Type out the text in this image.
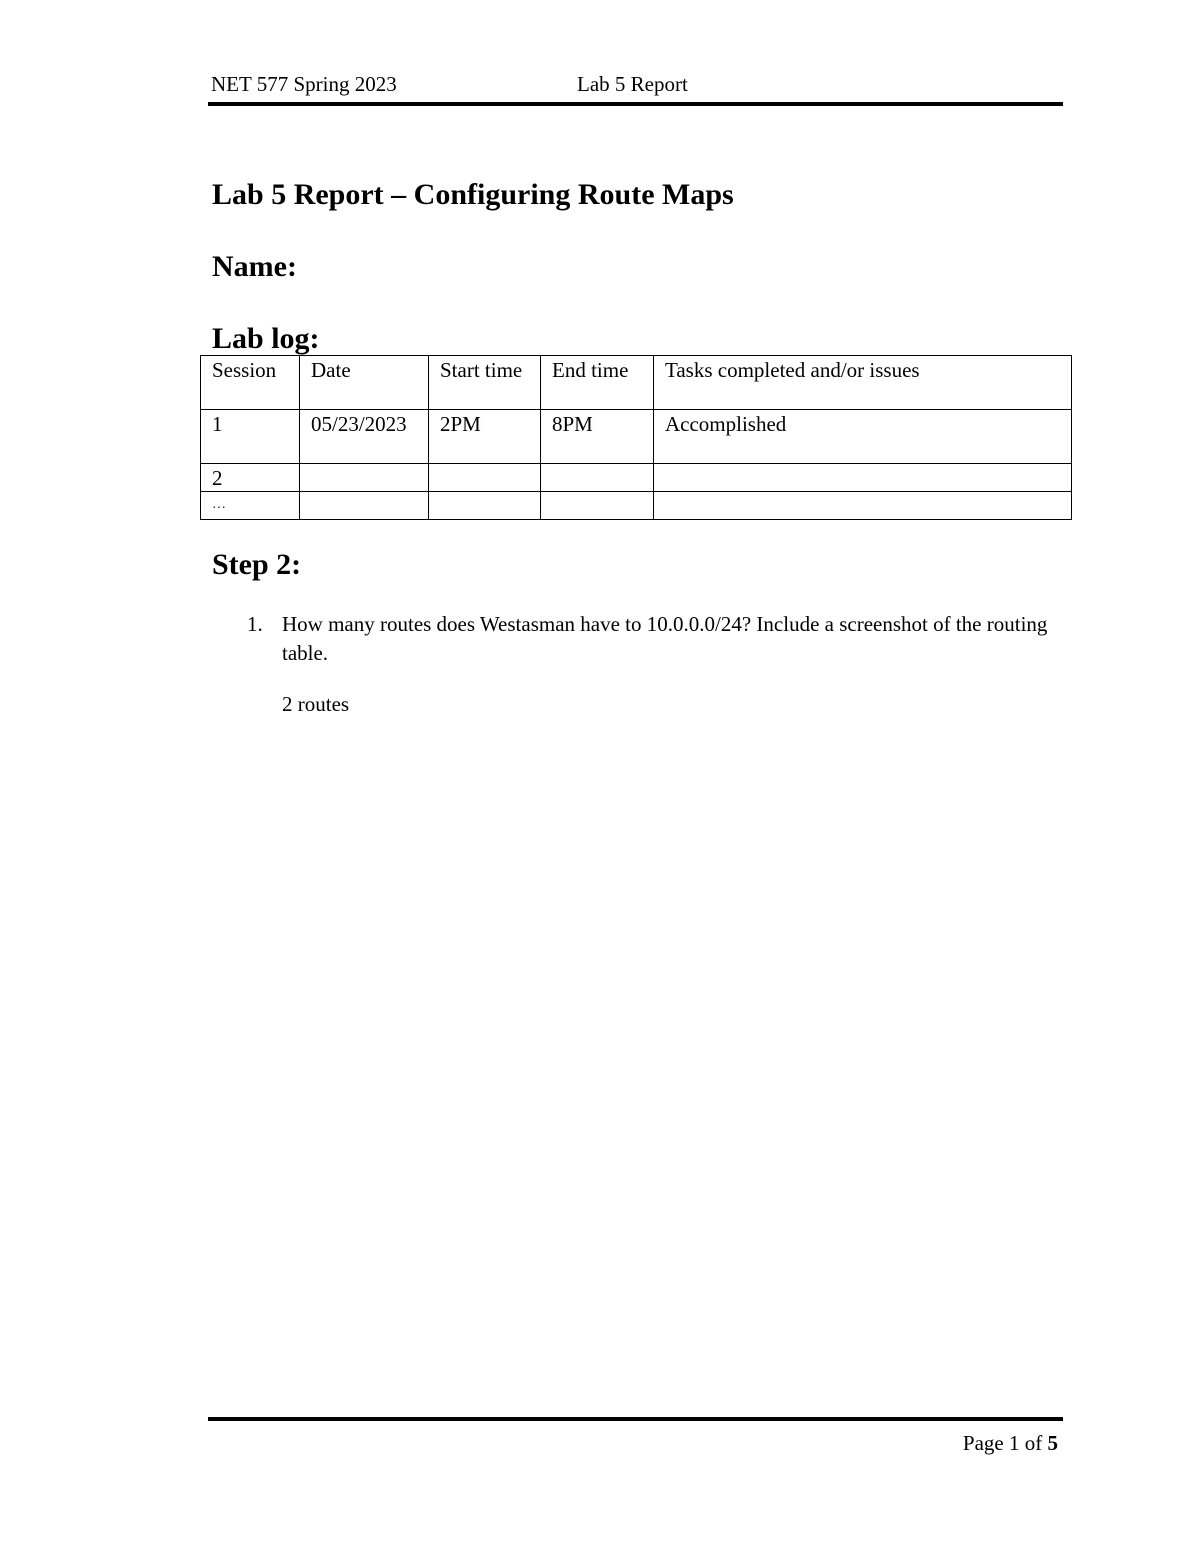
NET 577 Spring 2023	Lab 5 Report
Lab 5 Report – Configuring Route Maps
Name:
Lab log:
Session	Date	Start time	End time	Tasks completed and/or issues
1	05/23/2023	2PM	8PM	Accomplished
2				
…				
Step 2:
1. How many routes does Westasman have to 10.0.0.0/24? Include a screenshot of the routing table.
2 routes
Page 1 of 5
